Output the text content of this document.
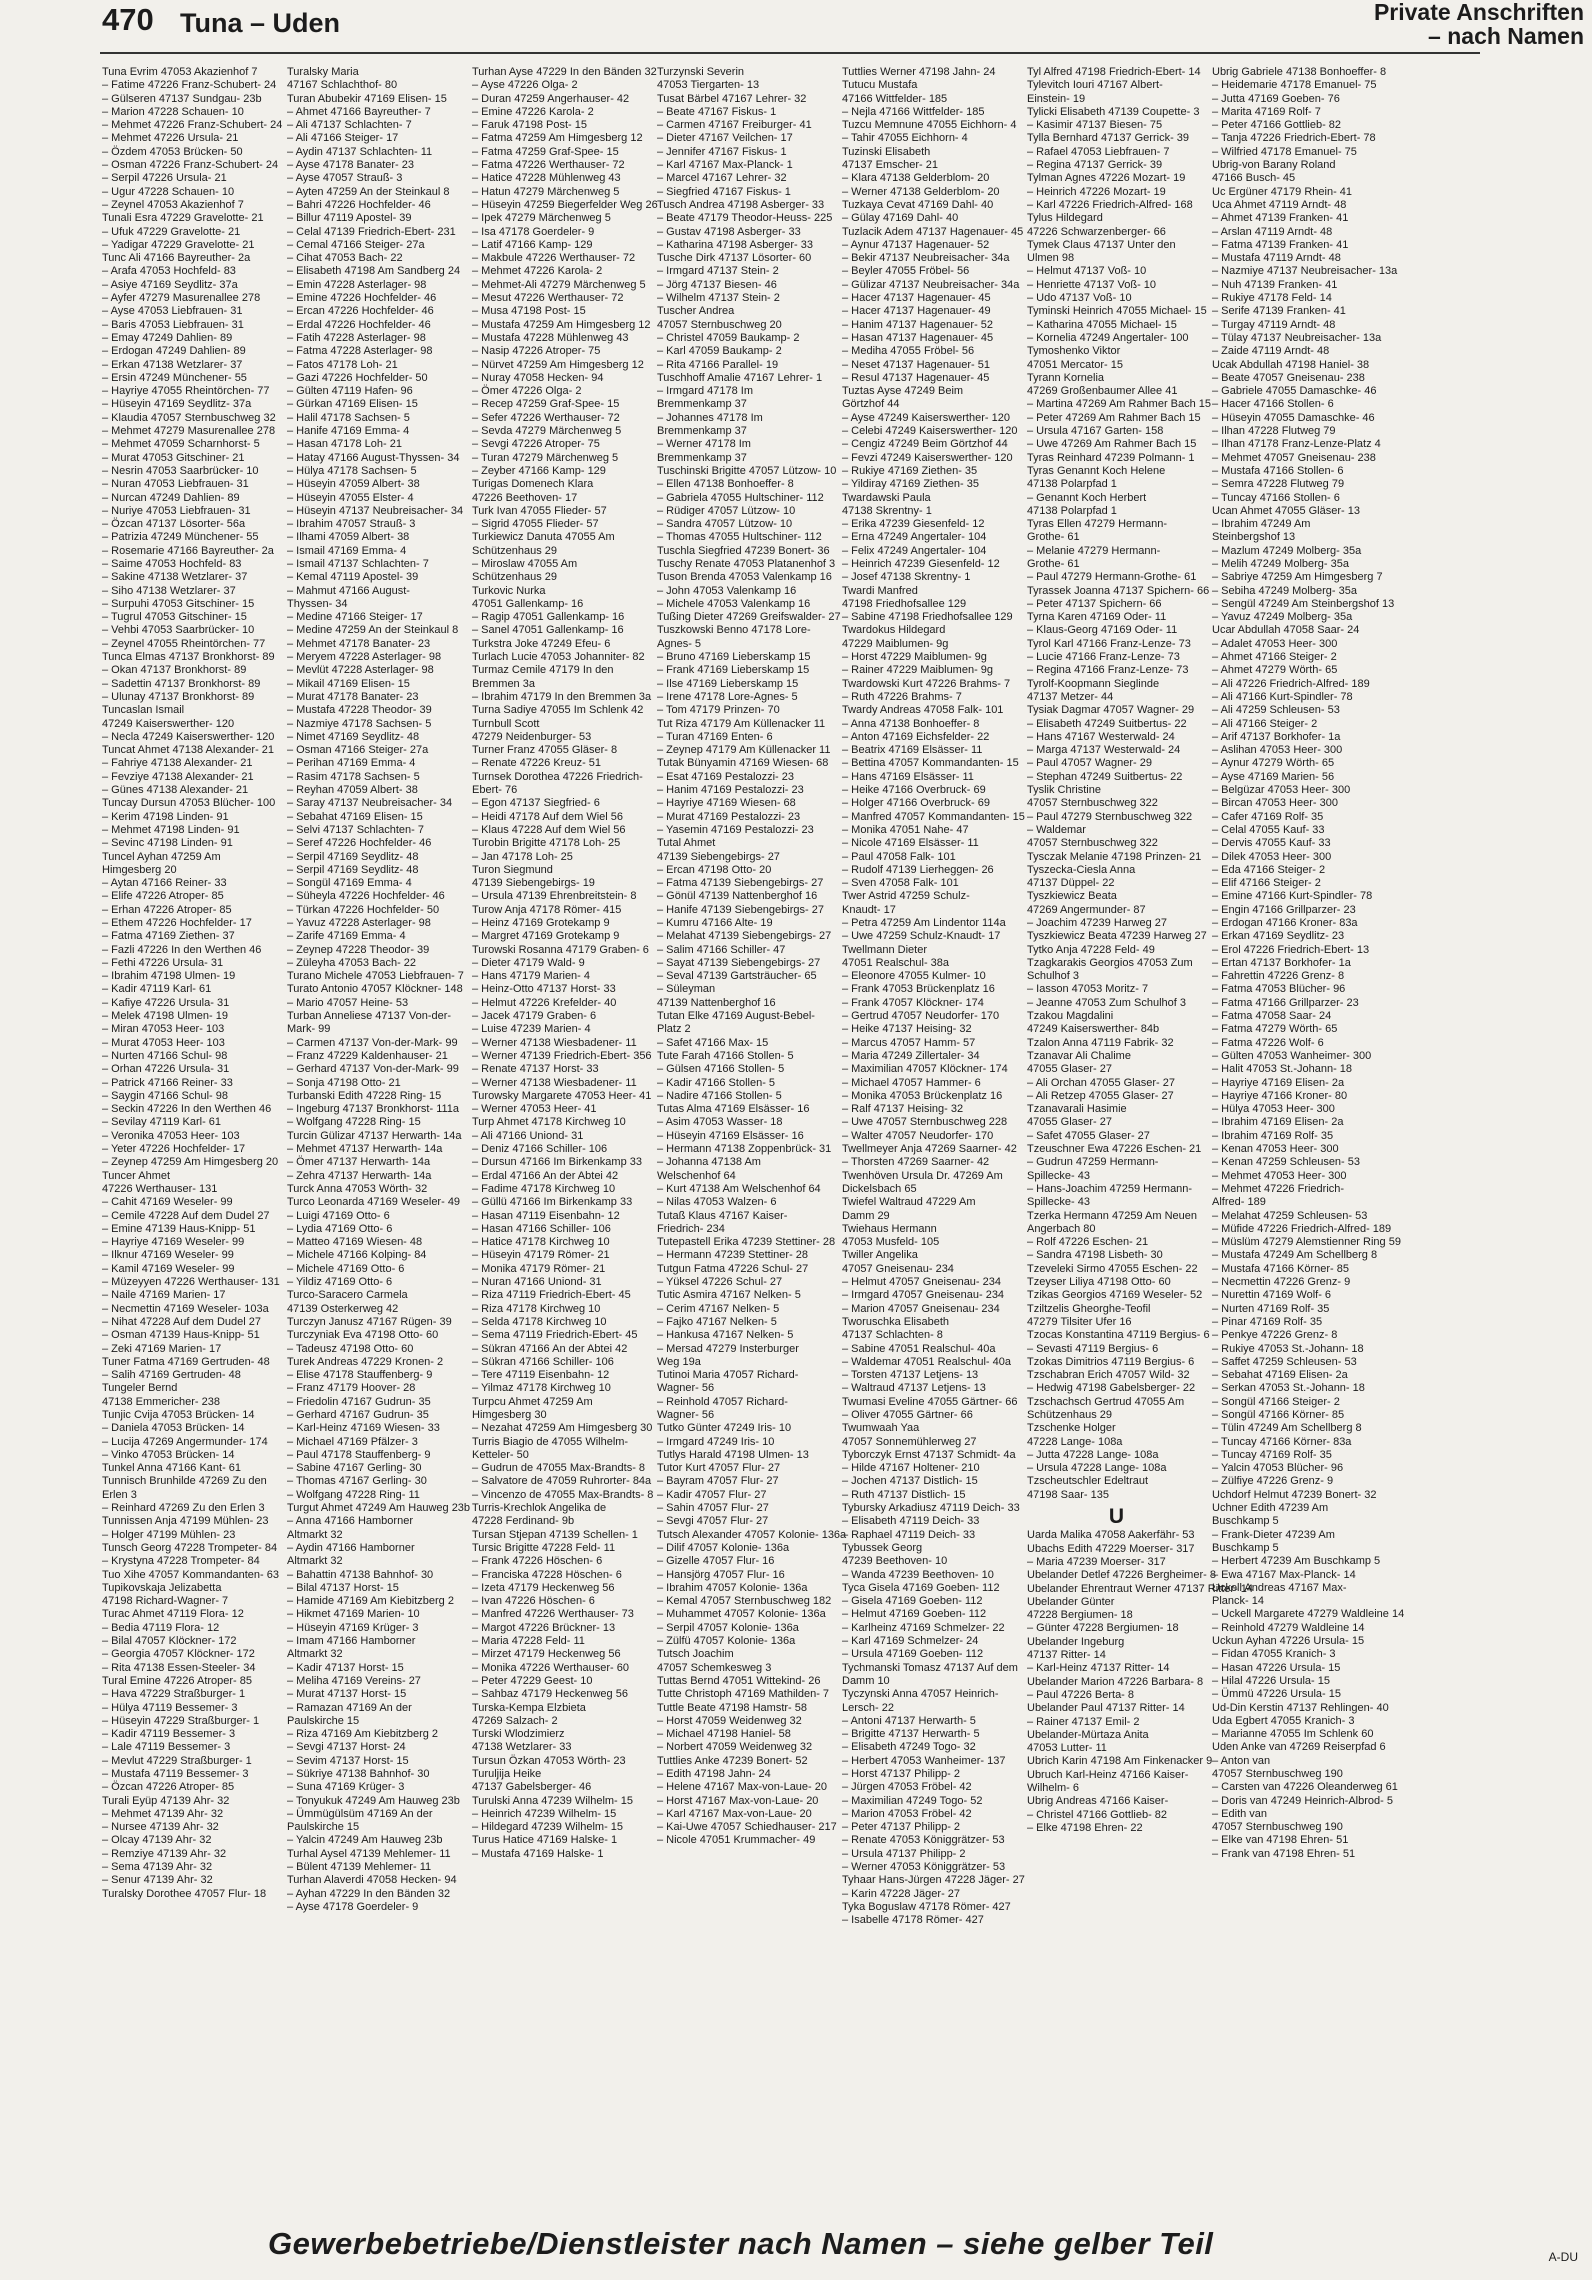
470 Tuna – Uden	Private Anschriften
– nach Namen
Tuna Evrim 47053 Akazienhof 7
– Fatime 47226 Franz-Schubert- 24
– Gülseren 47137 Sundgau- 23b
– Marion 47228 Schauen- 10
– Mehmet 47226 Franz-Schubert- 24
– Mehmet 47226 Ursula- 21
– Özdem 47053 Brücken- 50
– Osman 47226 Franz-Schubert- 24
– Serpil 47226 Ursula- 21
– Ugur 47228 Schauen- 10
– Zeynel 47053 Akazienhof 7
Tunali Esra 47229 Gravelotte- 21
– Ufuk 47229 Gravelotte- 21
– Yadigar 47229 Gravelotte- 21
Tunc Ali 47166 Bayreuther- 2a
– Arafa 47053 Hochfeld- 83
– Asiye 47169 Seydlitz- 37a
– Ayfer 47279 Masurenallee 278
– Ayse 47053 Liebfrauen- 31
– Baris 47053 Liebfrauen- 31
– Emay 47249 Dahlien- 89
– Erdogan 47249 Dahlien- 89
– Erkan 47138 Wetzlarer- 37
– Ersin 47249 Münchener- 55
– Hayriye 47055 Rheintörchen- 77
– Hüseyin 47169 Seydlitz- 37a
– Klaudia 47057 Sternbuschweg 32
– Mehmet 47279 Masurenallee 278
– Mehmet 47059 Scharnhorst- 5
– Murat 47053 Gitschiner- 21
– Nesrin 47053 Saarbrücker- 10
– Nuran 47053 Liebfrauen- 31
– Nurcan 47249 Dahlien- 89
– Nuriye 47053 Liebfrauen- 31
– Özcan 47137 Lösorter- 56a
– Patrizia 47249 Münchener- 55
– Rosemarie 47166 Bayreuther- 2a
– Saime 47053 Hochfeld- 83
– Sakine 47138 Wetzlarer- 37
– Siho 47138 Wetzlarer- 37
– Surpuhi 47053 Gitschiner- 15
– Tugrul 47053 Gitschiner- 15
– Vehbi 47053 Saarbrücker- 10
– Zeynel 47055 Rheintörchen- 77
Tunca Elmas 47137 Bronkhorst- 89
– Okan 47137 Bronkhorst- 89
– Sadettin 47137 Bronkhorst- 89
– Ulunay 47137 Bronkhorst- 89
Tuncaslan Ismail
47249 Kaiserswerther- 120
– Necla 47249 Kaiserswerther- 120
Tuncat Ahmet 47138 Alexander- 21
– Fahriye 47138 Alexander- 21
– Fevziye 47138 Alexander- 21
– Günes 47138 Alexander- 21
Tuncay Dursun 47053 Blücher- 100
– Kerim 47198 Linden- 91
– Mehmet 47198 Linden- 91
– Sevinc 47198 Linden- 91
Tuncel Ayhan 47259 Am
Himgesberg 20
– Aytan 47166 Reiner- 33
– Elife 47226 Atroper- 85
– Erhan 47226 Atroper- 85
– Ethem 47226 Hochfelder- 17
– Fatma 47169 Ziethen- 37
– Fazli 47226 In den Werthen 46
– Fethi 47226 Ursula- 31
– Ibrahim 47198 Ulmen- 19
– Kadir 47119 Karl- 61
– Kafiye 47226 Ursula- 31
– Melek 47198 Ulmen- 19
– Miran 47053 Heer- 103
– Murat 47053 Heer- 103
– Nurten 47166 Schul- 98
– Orhan 47226 Ursula- 31
– Patrick 47166 Reiner- 33
– Saygin 47166 Schul- 98
– Seckin 47226 In den Werthen 46
– Sevilay 47119 Karl- 61
– Veronika 47053 Heer- 103
– Yeter 47226 Hochfelder- 17
– Zeynep 47259 Am Himgesberg 20
Tuncer Ahmet
47226 Werthauser- 131
– Cahit 47169 Weseler- 99
– Cemile 47228 Auf dem Dudel 27
– Emine 47139 Haus-Knipp- 51
– Hayriye 47169 Weseler- 99
– Ilknur 47169 Weseler- 99
– Kamil 47169 Weseler- 99
– Müzeyyen 47226 Werthauser- 131
– Naile 47169 Marien- 17
– Necmettin 47169 Weseler- 103a
– Nihat 47228 Auf dem Dudel 27
– Osman 47139 Haus-Knipp- 51
– Zeki 47169 Marien- 17
Tuner Fatma 47169 Gertruden- 48
– Salih 47169 Gertruden- 48
Tungeler Bernd
47138 Emmericher- 238
Tunjic Cvija 47053 Brücken- 14
– Daniela 47053 Brücken- 14
– Lucija 47269 Angermunder- 174
– Vinko 47053 Brücken- 14
Tunkel Anna 47166 Kant- 61
Tunnisch Brunhilde 47269 Zu den
Erlen 3
– Reinhard 47269 Zu den Erlen 3
Tunnissen Anja 47199 Mühlen- 23
– Holger 47199 Mühlen- 23
Tunsch Georg 47228 Trompeter- 84
– Krystyna 47228 Trompeter- 84
Tuo Xihe 47057 Kommandanten- 63
Tupikovskaja Jelizabetta
47198 Richard-Wagner- 7
Turac Ahmet 47119 Flora- 12
– Bedia 47119 Flora- 12
– Bilal 47057 Klöckner- 172
– Georgia 47057 Klöckner- 172
– Rita 47138 Essen-Steeler- 34
Tural Emine 47226 Atroper- 85
– Hava 47229 Straßburger- 1
– Hülya 47119 Bessemer- 3
– Hüseyin 47229 Straßburger- 1
– Kadir 47119 Bessemer- 3
– Lale 47119 Bessemer- 3
– Mevlut 47229 Straßburger- 1
– Mustafa 47119 Bessemer- 3
– Özcan 47226 Atroper- 85
Turali Eyüp 47139 Ahr- 32
– Mehmet 47139 Ahr- 32
– Nursee 47139 Ahr- 32
– Olcay 47139 Ahr- 32
– Remziye 47139 Ahr- 32
– Sema 47139 Ahr- 32
– Senur 47139 Ahr- 32
Turalsky Dorothee 47057 Flur- 18
Turalsky Maria
47167 Schlachthof- 80
Turan Abubekir 47169 Elisen- 15
– Ahmet 47166 Bayreuther- 7
– Ali 47137 Schlachten- 7
– Ali 47166 Steiger- 17
– Aydin 47137 Schlachten- 11
– Ayse 47178 Banater- 23
– Ayse 47057 Strauß- 3
– Ayten 47259 An der Steinkaul 8
– Bahri 47226 Hochfelder- 46
– Billur 47119 Apostel- 39
– Celal 47139 Friedrich-Ebert- 231
– Cemal 47166 Steiger- 27a
– Cihat 47053 Bach- 22
– Elisabeth 47198 Am Sandberg 24
– Emin 47228 Asterlager- 98
– Emine 47226 Hochfelder- 46
– Ercan 47226 Hochfelder- 46
– Erdal 47226 Hochfelder- 46
– Fatih 47228 Asterlager- 98
– Fatma 47228 Asterlager- 98
– Fatos 47178 Loh- 21
– Gazi 47226 Hochfelder- 50
– Gülten 47119 Hafen- 96
– Gürkan 47169 Elisen- 15
– Halil 47178 Sachsen- 5
– Hanife 47169 Emma- 4
– Hasan 47178 Loh- 21
– Hatay 47166 August-Thyssen- 34
– Hülya 47178 Sachsen- 5
– Hüseyin 47059 Albert- 38
– Hüseyin 47055 Elster- 4
– Hüseyin 47137 Neubreisacher- 34
– Ibrahim 47057 Strauß- 3
– Ilhami 47059 Albert- 38
– Ismail 47169 Emma- 4
– Ismail 47137 Schlachten- 7
– Kemal 47119 Apostel- 39
– Mahmut 47166 August-
Thyssen- 34
– Medine 47166 Steiger- 17
– Medine 47259 An der Steinkaul 8
– Mehmet 47178 Banater- 23
– Meryem 47228 Asterlager- 98
– Mevlüt 47228 Asterlager- 98
– Mikail 47169 Elisen- 15
– Murat 47178 Banater- 23
– Mustafa 47228 Theodor- 39
– Nazmiye 47178 Sachsen- 5
– Nimet 47169 Seydlitz- 48
– Osman 47166 Steiger- 27a
– Perihan 47169 Emma- 4
– Rasim 47178 Sachsen- 5
– Reyhan 47059 Albert- 38
– Saray 47137 Neubreisacher- 34
– Sebahat 47169 Elisen- 15
– Selvi 47137 Schlachten- 7
– Seref 47226 Hochfelder- 46
– Serpil 47169 Seydlitz- 48
– Serpil 47169 Seydlitz- 48
– Songül 47169 Emma- 4
– Süheyla 47226 Hochfelder- 46
– Türkan 47226 Hochfelder- 50
– Yavuz 47228 Asterlager- 98
– Zarife 47169 Emma- 4
– Zeynep 47228 Theodor- 39
– Züleyha 47053 Bach- 22
Turano Michele 47053 Liebfrauen- 7
Turato Antonio 47057 Klöckner- 148
– Mario 47057 Heine- 53
Turban Anneliese 47137 Von-der-
Mark- 99
– Carmen 47137 Von-der-Mark- 99
– Franz 47229 Kaldenhauser- 21
– Gerhard 47137 Von-der-Mark- 99
– Sonja 47198 Otto- 21
Turbanski Edith 47228 Ring- 15
– Ingeburg 47137 Bronkhorst- 111a
– Wolfgang 47228 Ring- 15
Turcin Gülizar 47137 Herwarth- 14a
– Mehmet 47137 Herwarth- 14a
– Ömer 47137 Herwarth- 14a
– Zehra 47137 Herwarth- 14a
Turck Anna 47053 Wörth- 32
Turco Leonarda 47169 Weseler- 49
– Luigi 47169 Otto- 6
– Lydia 47169 Otto- 6
– Matteo 47169 Wiesen- 48
– Michele 47166 Kolping- 84
– Michele 47169 Otto- 6
– Yildiz 47169 Otto- 6
Turco-Saracero Carmela
47139 Osterkerweg 42
Turczyn Janusz 47167 Rügen- 39
Turczyniak Eva 47198 Otto- 60
– Tadeusz 47198 Otto- 60
Turek Andreas 47229 Kronen- 2
– Elise 47178 Stauffenberg- 9
– Franz 47179 Hoover- 28
– Friedolin 47167 Gudrun- 35
– Gerhard 47167 Gudrun- 35
– Karl-Heinz 47169 Wiesen- 33
– Michael 47169 Pfälzer- 3
– Paul 47178 Stauffenberg- 9
– Sabine 47167 Gerling- 30
– Thomas 47167 Gerling- 30
– Wolfgang 47228 Ring- 11
Turgut Ahmet 47249 Am Hauweg 23b
– Anna 47166 Hamborner
Altmarkt 32
– Aydin 47166 Hamborner
Altmarkt 32
– Bahattin 47138 Bahnhof- 30
– Bilal 47137 Horst- 15
– Hamide 47169 Am Kiebitzberg 2
– Hikmet 47169 Marien- 10
– Hüseyin 47169 Krüger- 3
– Imam 47166 Hamborner
Altmarkt 32
– Kadir 47137 Horst- 15
– Meliha 47169 Vereins- 27
– Murat 47137 Horst- 15
– Ramazan 47169 An der
Paulskirche 15
– Riza 47169 Am Kiebitzberg 2
– Sevgi 47137 Horst- 24
– Sevim 47137 Horst- 15
– Sükriye 47138 Bahnhof- 30
– Suna 47169 Krüger- 3
– Tonyukuk 47249 Am Hauweg 23b
– Ümmügülsüm 47169 An der
Paulskirche 15
– Yalcin 47249 Am Hauweg 23b
Turhal Aysel 47139 Mehlemer- 11
– Bülent 47139 Mehlemer- 11
Turhan Alaverdi 47058 Hecken- 94
– Ayhan 47229 In den Bänden 32
– Ayse 47178 Goerdeler- 9
Turhan Ayse 47229 In den Bänden 32
– Ayse 47226 Olga- 2
– Duran 47259 Angerhauser- 42
– Emine 47226 Karola- 2
– Faruk 47198 Post- 15
– Fatma 47259 Am Himgesberg 12
– Fatma 47259 Graf-Spee- 15
– Fatma 47226 Werthauser- 72
– Hatice 47228 Mühlenweg 43
– Hatun 47279 Märchenweg 5
– Hüseyin 47259 Biegerfelder Weg 26
– Ipek 47279 Märchenweg 5
– Isa 47178 Goerdeler- 9
– Latif 47166 Kamp- 129
– Makbule 47226 Werthauser- 72
– Mehmet 47226 Karola- 2
– Mehmet-Ali 47279 Märchenweg 5
– Mesut 47226 Werthauser- 72
– Musa 47198 Post- 15
– Mustafa 47259 Am Himgesberg 12
– Mustafa 47228 Mühlenweg 43
– Nasip 47226 Atroper- 75
– Nürvet 47259 Am Himgesberg 12
– Nuray 47058 Hecken- 94
– Ömer 47226 Olga- 2
– Recep 47259 Graf-Spee- 15
– Sefer 47226 Werthauser- 72
– Sevda 47279 Märchenweg 5
– Sevgi 47226 Atroper- 75
– Turan 47279 Märchenweg 5
– Zeyber 47166 Kamp- 129
Turigas Domenech Klara
47226 Beethoven- 17
Turk Ivan 47055 Flieder- 57
– Sigrid 47055 Flieder- 57
Turkiewicz Danuta 47055 Am
Schützenhaus 29
– Miroslaw 47055 Am
Schützenhaus 29
Turkovic Nurka
47051 Gallenkamp- 16
– Ragip 47051 Gallenkamp- 16
– Sanel 47051 Gallenkamp- 16
Turkstra Joke 47249 Efeu- 6
Turlach Lucie 47053 Johanniter- 82
Turmaz Cemile 47179 In den
Bremmen 3a
– Ibrahim 47179 In den Bremmen 3a
Turna Sadiye 47055 Im Schlenk 42
Turnbull Scott
47279 Neidenburger- 53
Turner Franz 47055 Gläser- 8
– Renate 47226 Kreuz- 51
Turnsek Dorothea 47226 Friedrich-
Ebert- 76
– Egon 47137 Siegfried- 6
– Heidi 47178 Auf dem Wiel 56
– Klaus 47228 Auf dem Wiel 56
Turobin Brigitte 47178 Loh- 25
– Jan 47178 Loh- 25
Turon Siegmund
47139 Siebengebirgs- 19
– Ursula 47139 Ehrenbreitstein- 8
Turow Anja 47178 Römer- 415
– Heinz 47169 Grotekamp 9
– Margret 47169 Grotekamp 9
Turowski Rosanna 47179 Graben- 6
– Dieter 47179 Wald- 9
– Hans 47179 Marien- 4
– Heinz-Otto 47137 Horst- 33
– Helmut 47226 Krefelder- 40
– Jacek 47179 Graben- 6
– Luise 47239 Marien- 4
– Werner 47138 Wiesbadener- 11
– Werner 47139 Friedrich-Ebert- 356
– Renate 47137 Horst- 33
– Werner 47138 Wiesbadener- 11
Turowsky Margarete 47053 Heer- 41
– Werner 47053 Heer- 41
Turp Ahmet 47178 Kirchweg 10
– Ali 47166 Uniond- 31
– Deniz 47166 Schiller- 106
– Dursun 47166 Im Birkenkamp 33
– Erdal 47166 An der Abtei 42
– Fadime 47178 Kirchweg 10
– Güllü 47166 Im Birkenkamp 33
– Hasan 47119 Eisenbahn- 12
– Hasan 47166 Schiller- 106
– Hatice 47178 Kirchweg 10
– Hüseyin 47179 Römer- 21
– Monika 47179 Römer- 21
– Nuran 47166 Uniond- 31
– Riza 47119 Friedrich-Ebert- 45
– Riza 47178 Kirchweg 10
– Selda 47178 Kirchweg 10
– Sema 47119 Friedrich-Ebert- 45
– Sükran 47166 An der Abtei 42
– Sükran 47166 Schiller- 106
– Tere 47119 Eisenbahn- 12
– Yilmaz 47178 Kirchweg 10
Turpcu Ahmet 47259 Am
Himgesberg 30
– Nezahat 47259 Am Himgesberg 30
Turris Biagio de 47055 Wilhelm-
Ketteler- 50
– Gudrun de 47055 Max-Brandts- 8
– Salvatore de 47059 Ruhrorter- 84a
– Vincenzo de 47055 Max-Brandts- 8
Turris-Krechlok Angelika de
47228 Ferdinand- 9b
Tursan Stjepan 47139 Schellen- 1
Tursic Brigitte 47228 Feld- 11
– Frank 47226 Höschen- 6
– Franciska 47228 Höschen- 6
– Izeta 47179 Heckenweg 56
– Ivan 47226 Höschen- 6
– Manfred 47226 Werthauser- 73
– Margot 47226 Brückner- 13
– Maria 47228 Feld- 11
– Mirzet 47179 Heckenweg 56
– Monika 47226 Werthauser- 60
– Peter 47229 Geest- 10
– Sahbaz 47179 Heckenweg 56
Turska-Kempa Elzbieta
47269 Salzach- 2
Turski Wlodzimierz
47138 Wetzlarer- 33
Tursun Özkan 47053 Wörth- 23
Turuljija Heike
47137 Gabelsberger- 46
Turulski Anna 47239 Wilhelm- 15
– Heinrich 47239 Wilhelm- 15
– Hildegard 47239 Wilhelm- 15
Turus Hatice 47169 Halske- 1
– Mustafa 47169 Halske- 1
Turzynski Severin
47053 Tiergarten- 13
Tusat Bärbel 47167 Lehrer- 32
– Beate 47167 Fiskus- 1
– Carmen 47167 Freiburger- 41
– Dieter 47167 Veilchen- 17
– Jennifer 47167 Fiskus- 1
– Karl 47167 Max-Planck- 1
– Marcel 47167 Lehrer- 32
– Siegfried 47167 Fiskus- 1
Tusch Andrea 47198 Asberger- 33
– Beate 47179 Theodor-Heuss- 225
– Gustav 47198 Asberger- 33
– Katharina 47198 Asberger- 33
Tusche Dirk 47137 Lösorter- 60
– Irmgard 47137 Stein- 2
– Jörg 47137 Biesen- 46
– Wilhelm 47137 Stein- 2
Tuscher Andrea
47057 Sternbuschweg 20
– Christel 47059 Baukamp- 2
– Karl 47059 Baukamp- 2
– Rita 47166 Parallel- 19
Tuschhoff Amalie 47167 Lehrer- 1
– Irmgard 47178 Im
Bremmenkamp 37
– Johannes 47178 Im
Bremmenkamp 37
– Werner 47178 Im
Bremmenkamp 37
Tuschinski Brigitte 47057 Lützow- 10
– Ellen 47138 Bonhoeffer- 8
– Gabriela 47055 Hultschiner- 112
– Rüdiger 47057 Lützow- 10
– Sandra 47057 Lützow- 10
– Thomas 47055 Hultschiner- 112
Tuschla Siegfried 47239 Bonert- 36
Tuschy Renate 47053 Platanenhof 3
Tuson Brenda 47053 Valenkamp 16
– John 47053 Valenkamp 16
– Michele 47053 Valenkamp 16
Tußing Dieter 47269 Greifswalder- 27
Tuszkowski Benno 47178 Lore-
Agnes- 5
– Bruno 47169 Lieberskamp 15
– Frank 47169 Lieberskamp 15
– Ilse 47169 Lieberskamp 15
– Irene 47178 Lore-Agnes- 5
– Tom 47179 Prinzen- 70
Tut Riza 47179 Am Küllenacker 11
– Turan 47169 Enten- 6
– Zeynep 47179 Am Küllenacker 11
Tutak Bünyamin 47169 Wiesen- 68
– Esat 47169 Pestalozzi- 23
– Hanim 47169 Pestalozzi- 23
– Hayriye 47169 Wiesen- 68
– Murat 47169 Pestalozzi- 23
– Yasemin 47169 Pestalozzi- 23
Tutal Ahmet
47139 Siebengebirgs- 27
– Ercan 47198 Otto- 20
– Fatma 47139 Siebengebirgs- 27
– Gönül 47139 Nattenberghof 16
– Hanife 47139 Siebengebirgs- 27
– Kumru 47166 Alte- 19
– Melahat 47139 Siebengebirgs- 27
– Salim 47166 Schiller- 47
– Sayat 47139 Siebengebirgs- 27
– Seval 47139 Gartsträucher- 65
– Süleyman
47139 Nattenberghof 16
Tutan Elke 47169 August-Bebel-
Platz 2
– Safet 47166 Max- 15
Tute Farah 47166 Stollen- 5
– Gülsen 47166 Stollen- 5
– Kadir 47166 Stollen- 5
– Nadire 47166 Stollen- 5
Tutas Alma 47169 Elsässer- 16
– Asim 47053 Wasser- 18
– Hüseyin 47169 Elsässer- 16
– Hermann 47138 Zoppenbrück- 31
– Johanna 47138 Am
Welschenhof 64
– Kurt 47138 Am Welschenhof 64
– Nilas 47053 Walzen- 6
Tutaß Klaus 47167 Kaiser-
Friedrich- 234
Tutepastell Erika 47239 Stettiner- 28
– Hermann 47239 Stettiner- 28
Tutgun Fatma 47226 Schul- 27
– Yüksel 47226 Schul- 27
Tutic Asmira 47167 Nelken- 5
– Cerim 47167 Nelken- 5
– Fajko 47167 Nelken- 5
– Hankusa 47167 Nelken- 5
– Mersad 47279 Insterburger
Weg 19a
Tutinoi Maria 47057 Richard-
Wagner- 56
– Reinhold 47057 Richard-
Wagner- 56
Tutko Günter 47249 Iris- 10
– Irmgard 47249 Iris- 10
Tutlys Harald 47198 Ulmen- 13
Tutor Kurt 47057 Flur- 27
– Bayram 47057 Flur- 27
– Kadir 47057 Flur- 27
– Sahin 47057 Flur- 27
– Sevgi 47057 Flur- 27
Tutsch Alexander 47057 Kolonie- 136a
– Dilif 47057 Kolonie- 136a
– Gizelle 47057 Flur- 16
– Hansjörg 47057 Flur- 16
– Ibrahim 47057 Kolonie- 136a
– Kemal 47057 Sternbuschweg 182
– Muhammet 47057 Kolonie- 136a
– Serpil 47057 Kolonie- 136a
– Zülfü 47057 Kolonie- 136a
Tutsch Joachim
47057 Schemkesweg 3
Tuttas Bernd 47051 Wittekind- 26
Tutte Christoph 47169 Mathilden- 7
Tuttle Beate 47198 Hamstr- 58
– Horst 47059 Weidenweg 32
– Michael 47198 Haniel- 58
– Norbert 47059 Weidenweg 32
Tuttlies Anke 47239 Bonert- 52
– Edith 47198 Jahn- 24
– Helene 47167 Max-von-Laue- 20
– Horst 47167 Max-von-Laue- 20
– Karl 47167 Max-von-Laue- 20
– Kai-Uwe 47057 Schiedhauser- 217
– Nicole 47051 Krummacher- 49
Tuttlies Werner 47198 Jahn- 24
Tutucu Mustafa
47166 Wittfelder- 185
– Nejla 47166 Wittfelder- 185
Tuzcu Memnune 47055 Eichhorn- 4
– Tahir 47055 Eichhorn- 4
Tuzinski Elisabeth
47137 Emscher- 21
– Klara 47138 Gelderblom- 20
– Werner 47138 Gelderblom- 20
Tuzkaya Cevat 47169 Dahl- 40
– Gülay 47169 Dahl- 40
Tuzlacik Adem 47137 Hagenauer- 45
– Aynur 47137 Hagenauer- 52
– Bekir 47137 Neubreisacher- 34a
– Beyler 47055 Fröbel- 56
– Gülizar 47137 Neubreisacher- 34a
– Hacer 47137 Hagenauer- 45
– Hacer 47137 Hagenauer- 49
– Hanim 47137 Hagenauer- 52
– Hasan 47137 Hagenauer- 45
– Mediha 47055 Fröbel- 56
– Neset 47137 Hagenauer- 51
– Resul 47137 Hagenauer- 45
Tuztas Ayse 47249 Beim
Görtzhof 44
– Ayse 47249 Kaiserswerther- 120
– Celebi 47249 Kaiserswerther- 120
– Cengiz 47249 Beim Görtzhof 44
– Fevzi 47249 Kaiserswerther- 120
– Rukiye 47169 Ziethen- 35
– Yildiray 47169 Ziethen- 35
Twardawski Paula
47138 Skrentny- 1
– Erika 47239 Giesenfeld- 12
– Erna 47249 Angertaler- 104
– Felix 47249 Angertaler- 104
– Heinrich 47239 Giesenfeld- 12
– Josef 47138 Skrentny- 1
Twardi Manfred
47198 Friedhofsallee 129
– Sabine 47198 Friedhofsallee 129
Twardokus Hildegard
47229 Maiblumen- 9g
– Horst 47229 Maiblumen- 9g
– Rainer 47229 Maiblumen- 9g
Twardowski Kurt 47226 Brahms- 7
– Ruth 47226 Brahms- 7
Twardy Andreas 47058 Falk- 101
– Anna 47138 Bonhoeffer- 8
– Anton 47169 Eichsfelder- 22
– Beatrix 47169 Elsässer- 11
– Bettina 47057 Kommandanten- 15
– Hans 47169 Elsässer- 11
– Heike 47166 Overbruck- 69
– Holger 47166 Overbruck- 69
– Manfred 47057 Kommandanten- 15
– Monika 47051 Nahe- 47
– Nicole 47169 Elsässer- 11
– Paul 47058 Falk- 101
– Rudolf 47139 Lierheggen- 26
– Sven 47058 Falk- 101
Twer Astrid 47259 Schulz-
Knaudt- 17
– Petra 47259 Am Lindentor 114a
– Uwe 47259 Schulz-Knaudt- 17
Twellmann Dieter
47051 Realschul- 38a
– Eleonore 47055 Kulmer- 10
– Frank 47053 Brückenplatz 16
– Frank 47057 Klöckner- 174
– Gertrud 47057 Neudorfer- 170
– Heike 47137 Heising- 32
– Marcus 47057 Hamm- 57
– Maria 47249 Zillertaler- 34
– Maximilian 47057 Klöckner- 174
– Michael 47057 Hammer- 6
– Monika 47053 Brückenplatz 16
– Ralf 47137 Heising- 32
– Uwe 47057 Sternbuschweg 228
– Walter 47057 Neudorfer- 170
Twellmeyer Anja 47269 Saarner- 42
– Thorsten 47269 Saarner- 42
Twenhöven Ursula Dr. 47269 Am
Dickelsbach 65
Twiefel Waltraud 47229 Am
Damm 29
Twiehaus Hermann
47053 Musfeld- 105
Twiller Angelika
47057 Gneisenau- 234
– Helmut 47057 Gneisenau- 234
– Irmgard 47057 Gneisenau- 234
– Marion 47057 Gneisenau- 234
Tworuschka Elisabeth
47137 Schlachten- 8
– Sabine 47051 Realschul- 40a
– Waldemar 47051 Realschul- 40a
– Torsten 47137 Letjens- 13
– Waltraud 47137 Letjens- 13
Twumasi Eveline 47055 Gärtner- 66
– Oliver 47055 Gärtner- 66
Twumwaah Yaa
47057 Sonnemühlerweg 27
Tyborczyk Ernst 47137 Schmidt- 4a
– Hilde 47167 Holtener- 210
– Jochen 47137 Distlich- 15
– Ruth 47137 Distlich- 15
Tybursky Arkadiusz 47119 Deich- 33
– Elisabeth 47119 Deich- 33
– Raphael 47119 Deich- 33
Tybussek Georg
47239 Beethoven- 10
– Wanda 47239 Beethoven- 10
Tyca Gisela 47169 Goeben- 112
– Gisela 47169 Goeben- 112
– Helmut 47169 Goeben- 112
– Karlheinz 47169 Schmelzer- 22
– Karl 47169 Schmelzer- 24
– Ursula 47169 Goeben- 112
Tychmanski Tomasz 47137 Auf dem
Damm 10
Tyczynski Anna 47057 Heinrich-
Lersch- 22
– Antoni 47137 Herwarth- 5
– Brigitte 47137 Herwarth- 5
– Elisabeth 47249 Togo- 32
– Herbert 47053 Wanheimer- 137
– Horst 47137 Philipp- 2
– Jürgen 47053 Fröbel- 42
– Maximilian 47249 Togo- 52
– Marion 47053 Fröbel- 42
– Peter 47137 Philipp- 2
– Renate 47053 Königgrätzer- 53
– Ursula 47137 Philipp- 2
– Werner 47053 Königgrätzer- 53
Tyhaar Hans-Jürgen 47228 Jäger- 27
– Karin 47228 Jäger- 27
Tyka Boguslaw 47178 Römer- 427
– Isabelle 47178 Römer- 427
Tyl Alfred 47198 Friedrich-Ebert- 14
Tylevitch Iouri 47167 Albert-
Einstein- 19
Tylicki Elisabeth 47139 Coupette- 3
– Kasimir 47137 Biesen- 75
Tylla Bernhard 47137 Gerrick- 39
– Rafael 47053 Liebfrauen- 7
– Regina 47137 Gerrick- 39
Tylman Agnes 47226 Mozart- 19
– Heinrich 47226 Mozart- 19
– Karl 47226 Friedrich-Alfred- 168
Tylus Hildegard
47226 Schwarzenberger- 66
Tymek Claus 47137 Unter den
Ulmen 98
– Helmut 47137 Voß- 10
– Henriette 47137 Voß- 10
– Udo 47137 Voß- 10
Tyminski Heinrich 47055 Michael- 15
– Katharina 47055 Michael- 15
– Kornelia 47249 Angertaler- 100
Tymoshenko Viktor
47051 Mercator- 15
Tyrann Kornelia
47269 Großenbaumer Allee 41
– Martina 47269 Am Rahmer Bach 15
– Peter 47269 Am Rahmer Bach 15
– Ursula 47167 Garten- 158
– Uwe 47269 Am Rahmer Bach 15
Tyras Reinhard 47239 Polmann- 1
Tyras Genannt Koch Helene
47138 Polarpfad 1
– Genannt Koch Herbert
47138 Polarpfad 1
Tyras Ellen 47279 Hermann-
Grothe- 61
– Melanie 47279 Hermann-
Grothe- 61
– Paul 47279 Hermann-Grothe- 61
Tyrassek Joanna 47137 Spichern- 66
– Peter 47137 Spichern- 66
Tyrna Karen 47169 Oder- 11
– Klaus-Georg 47169 Oder- 11
Tyrol Karl 47166 Franz-Lenze- 73
– Lucie 47166 Franz-Lenze- 73
– Regina 47166 Franz-Lenze- 73
Tyrolf-Koopmann Sieglinde
47137 Metzer- 44
Tysiak Dagmar 47057 Wagner- 29
– Elisabeth 47249 Suitbertus- 22
– Hans 47167 Westerwald- 24
– Marga 47137 Westerwald- 24
– Paul 47057 Wagner- 29
– Stephan 47249 Suitbertus- 22
Tyslik Christine
47057 Sternbuschweg 322
– Paul 47279 Sternbuschweg 322
– Waldemar
47057 Sternbuschweg 322
Tysczak Melanie 47198 Prinzen- 21
Tyszecka-Ciesla Anna
47137 Düppel- 22
Tyszkiewicz Beata
47269 Angermunder- 87
– Joachim 47239 Harweg 27
Tyszkiewicz Beata 47239 Harweg 27
Tytko Anja 47228 Feld- 49
Tzagkarakis Georgios 47053 Zum
Schulhof 3
– Iasson 47053 Moritz- 7
– Jeanne 47053 Zum Schulhof 3
Tzakou Magdalini
47249 Kaiserswerther- 84b
Tzalon Anna 47119 Fabrik- 32
Tzanavar Ali Chalime
47055 Glaser- 27
– Ali Orchan 47055 Glaser- 27
– Ali Retzep 47055 Glaser- 27
Tzanavarali Hasimie
47055 Glaser- 27
– Safet 47055 Glaser- 27
Tzeuschner Ewa 47226 Eschen- 21
– Gudrun 47259 Hermann-
Spillecke- 43
– Hans-Joachim 47259 Hermann-
Spillecke- 43
Tzerka Hermann 47259 Am Neuen
Angerbach 80
– Rolf 47226 Eschen- 21
– Sandra 47198 Lisbeth- 30
Tzeveleki Sirmo 47055 Eschen- 22
Tzeyser Liliya 47198 Otto- 60
Tzikas Georgios 47169 Weseler- 52
Tziltzelis Gheorghe-Teofil
47279 Tilsiter Ufer 16
Tzocas Konstantina 47119 Bergius- 6
– Sevasti 47119 Bergius- 6
Tzokas Dimitrios 47119 Bergius- 6
Tzschabran Erich 47057 Wild- 32
– Hedwig 47198 Gabelsberger- 22
Tzschachsch Gertrud 47055 Am
Schützenhaus 29
Tzschenke Holger
47228 Lange- 108a
– Jutta 47228 Lange- 108a
– Ursula 47228 Lange- 108a
Tzscheutschler Edeltraut
47198 Saar- 135
U
Uarda Malika 47058 Aakerfähr- 53
Ubachs Edith 47229 Moerser- 317
– Maria 47239 Moerser- 317
Ubelander Detlef 47226 Bergheimer- 8
Ubelander Ehrentraut Werner 47137 Ritter- 14
Ubelander Günter
47228 Bergiumen- 18
– Günter 47228 Bergiumen- 18
Ubelander Ingeburg
47137 Ritter- 14
– Karl-Heinz 47137 Ritter- 14
Ubelander Marion 47226 Barbara- 8
– Paul 47226 Berta- 8
Ubelander Paul 47137 Ritter- 14
– Rainer 47137 Emil- 2
Ubelander-Mürtaza Anita
47053 Lutter- 11
Ubrich Karin 47198 Am Finkenacker 9
Ubruch Karl-Heinz 47166 Kaiser-
Wilhelm- 6
Ubrig Andreas 47166 Kaiser-
– Christel 47166 Gottlieb- 82
– Elke 47198 Ehren- 22
Ubrig Gabriele 47138 Bonhoeffer- 8
– Heidemarie 47178 Emanuel- 75
– Jutta 47169 Goeben- 76
– Marita 47169 Rolf- 7
– Peter 47166 Gottlieb- 82
– Tanja 47226 Friedrich-Ebert- 78
– Wilfried 47178 Emanuel- 75
Ubrig-von Barany Roland
47166 Busch- 45
Uc Ergüner 47179 Rhein- 41
Uca Ahmet 47119 Arndt- 48
– Ahmet 47139 Franken- 41
– Arslan 47119 Arndt- 48
– Fatma 47139 Franken- 41
– Mustafa 47119 Arndt- 48
– Nazmiye 47137 Neubreisacher- 13a
– Nuh 47139 Franken- 41
– Rukiye 47178 Feld- 14
– Serife 47139 Franken- 41
– Turgay 47119 Arndt- 48
– Tülay 47137 Neubreisacher- 13a
– Zaide 47119 Arndt- 48
Ucak Abdullah 47198 Haniel- 38
– Beate 47057 Gneisenau- 238
– Gabriele 47055 Damaschke- 46
– Hacer 47166 Stollen- 6
– Hüseyin 47055 Damaschke- 46
– Ilhan 47228 Flutweg 79
– Ilhan 47178 Franz-Lenze-Platz 4
– Mehmet 47057 Gneisenau- 238
– Mustafa 47166 Stollen- 6
– Semra 47228 Flutweg 79
– Tuncay 47166 Stollen- 6
Ucan Ahmet 47055 Gläser- 13
– Ibrahim 47249 Am
Steinbergshof 13
– Mazlum 47249 Molberg- 35a
– Melih 47249 Molberg- 35a
– Sabriye 47259 Am Himgesberg 7
– Sebiha 47249 Molberg- 35a
– Sengül 47249 Am Steinbergshof 13
– Yavuz 47249 Molberg- 35a
Ucar Abdullah 47058 Saar- 24
– Adalet 47053 Heer- 300
– Ahmet 47166 Steiger- 2
– Ahmet 47279 Wörth- 65
– Ali 47226 Friedrich-Alfred- 189
– Ali 47166 Kurt-Spindler- 78
– Ali 47259 Schleusen- 53
– Ali 47166 Steiger- 2
– Arif 47137 Borkhofer- 1a
– Aslihan 47053 Heer- 300
– Aynur 47279 Wörth- 65
– Ayse 47169 Marien- 56
– Belgüzar 47053 Heer- 300
– Bircan 47053 Heer- 300
– Cafer 47169 Rolf- 35
– Celal 47055 Kauf- 33
– Dervis 47055 Kauf- 33
– Dilek 47053 Heer- 300
– Eda 47166 Steiger- 2
– Elif 47166 Steiger- 2
– Emine 47166 Kurt-Spindler- 78
– Engin 47166 Grillparzer- 23
– Erdogan 47166 Kroner- 83a
– Erkan 47169 Seydlitz- 23
– Erol 47226 Friedrich-Ebert- 13
– Ertan 47137 Borkhofer- 1a
– Fahrettin 47226 Grenz- 8
– Fatma 47053 Blücher- 96
– Fatma 47166 Grillparzer- 23
– Fatma 47058 Saar- 24
– Fatma 47279 Wörth- 65
– Fatma 47226 Wolf- 6
– Gülten 47053 Wanheimer- 300
– Halit 47053 St.-Johann- 18
– Hayriye 47169 Elisen- 2a
– Hayriye 47166 Kroner- 80
– Hülya 47053 Heer- 300
– Ibrahim 47169 Elisen- 2a
– Ibrahim 47169 Rolf- 35
– Kenan 47053 Heer- 300
– Kenan 47259 Schleusen- 53
– Mehmet 47053 Heer- 300
– Mehmet 47226 Friedrich-
Alfred- 189
– Melahat 47259 Schleusen- 53
– Müfide 47226 Friedrich-Alfred- 189
– Müslüm 47279 Alemstienner Ring 59
– Mustafa 47249 Am Schellberg 8
– Mustafa 47166 Körner- 85
– Necmettin 47226 Grenz- 9
– Nurettin 47169 Wolf- 6
– Nurten 47169 Rolf- 35
– Pinar 47169 Rolf- 35
– Penkye 47226 Grenz- 8
– Rukiye 47053 St.-Johann- 18
– Saffet 47259 Schleusen- 53
– Sebahat 47169 Elisen- 2a
– Serkan 47053 St.-Johann- 18
– Songül 47166 Steiger- 2
– Songül 47166 Körner- 85
– Tülin 47249 Am Schellberg 8
– Tuncay 47166 Körner- 83a
– Tuncay 47169 Rolf- 35
– Yalcin 47053 Blücher- 96
– Zülfiye 47226 Grenz- 9
Uchdorf Helmut 47239 Bonert- 32
Uchner Edith 47239 Am
Buschkamp 5
– Frank-Dieter 47239 Am
Buschkamp 5
– Herbert 47239 Am Buschkamp 5
– Ewa 47167 Max-Planck- 14
Uckell Andreas 47167 Max-
Planck- 14
– Uckell Margarete 47279 Waldleine 14
– Reinhold 47279 Waldleine 14
Uckun Ayhan 47226 Ursula- 15
– Fidan 47055 Kranich- 3
– Hasan 47226 Ursula- 15
– Hilal 47226 Ursula- 15
– Ümmü 47226 Ursula- 15
Ud-Din Kerstin 47137 Rehlingen- 40
Uda Egbert 47055 Kranich- 3
– Marianne 47055 Im Schlenk 60
Uden Anke van 47269 Reiserpfad 6
– Anton van
47057 Sternbuschweg 190
– Carsten van 47226 Oleanderweg 61
– Doris van 47249 Heinrich-Albrod- 5
– Edith van
47057 Sternbuschweg 190
– Elke van 47198 Ehren- 51
– Frank van 47198 Ehren- 51
Gewerbebetriebe/Dienstleister nach Namen – siehe gelber Teil	A-DU
